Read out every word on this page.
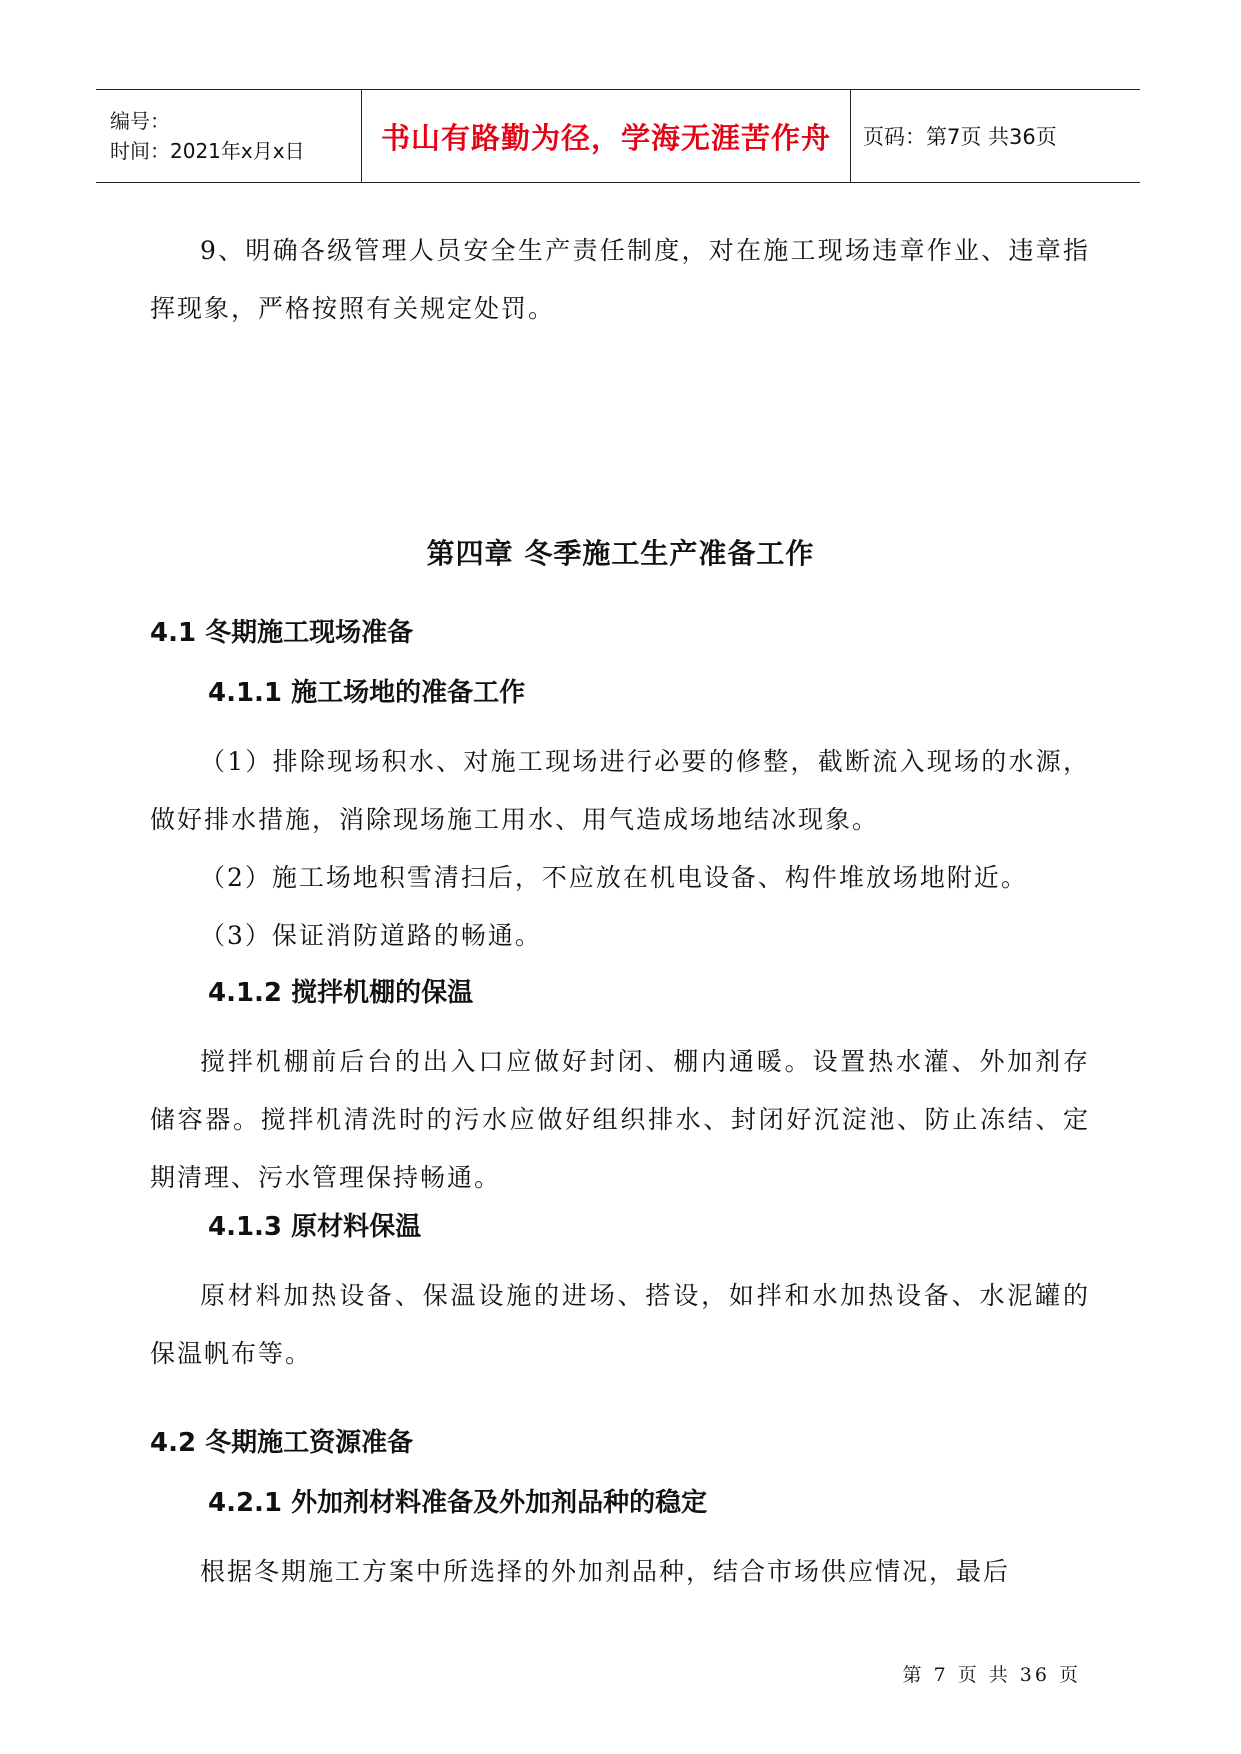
编号：
时间：2021年x月x日	书山有路勤为径，学海无涯苦作舟 页码：第7页 共36页

9、明确各级管理人员安全生产责任制度，对在施工现场违章作业、违章指挥现象，严格按照有关规定处罚。

第四章 冬季施工生产准备工作
4.1 冬期施工现场准备
4.1.1 施工场地的准备工作

（1）排除现场积水、对施工现场进行必要的修整，截断流入现场的水源，做好排水措施，消除现场施工用水、用气造成场地结冰现象。

（2）施工场地积雪清扫后，不应放在机电设备、构件堆放场地附近。

（3）保证消防道路的畅通。

4.1.2 搅拌机棚的保温

搅拌机棚前后台的出入口应做好封闭、棚内通暖。设置热水灌、外加剂存储容器。搅拌机清洗时的污水应做好组织排水、封闭好沉淀池、防止冻结、定期清理、污水管理保持畅通。

4.1.3 原材料保温

原材料加热设备、保温设施的进场、搭设，如拌和水加热设备、水泥罐的保温帆布等。

4.2 冬期施工资源准备
4.2.1 外加剂材料准备及外加剂品种的稳定

根据冬期施工方案中所选择的外加剂品种，结合市场供应情况，最后

第 7 页 共 36 页
